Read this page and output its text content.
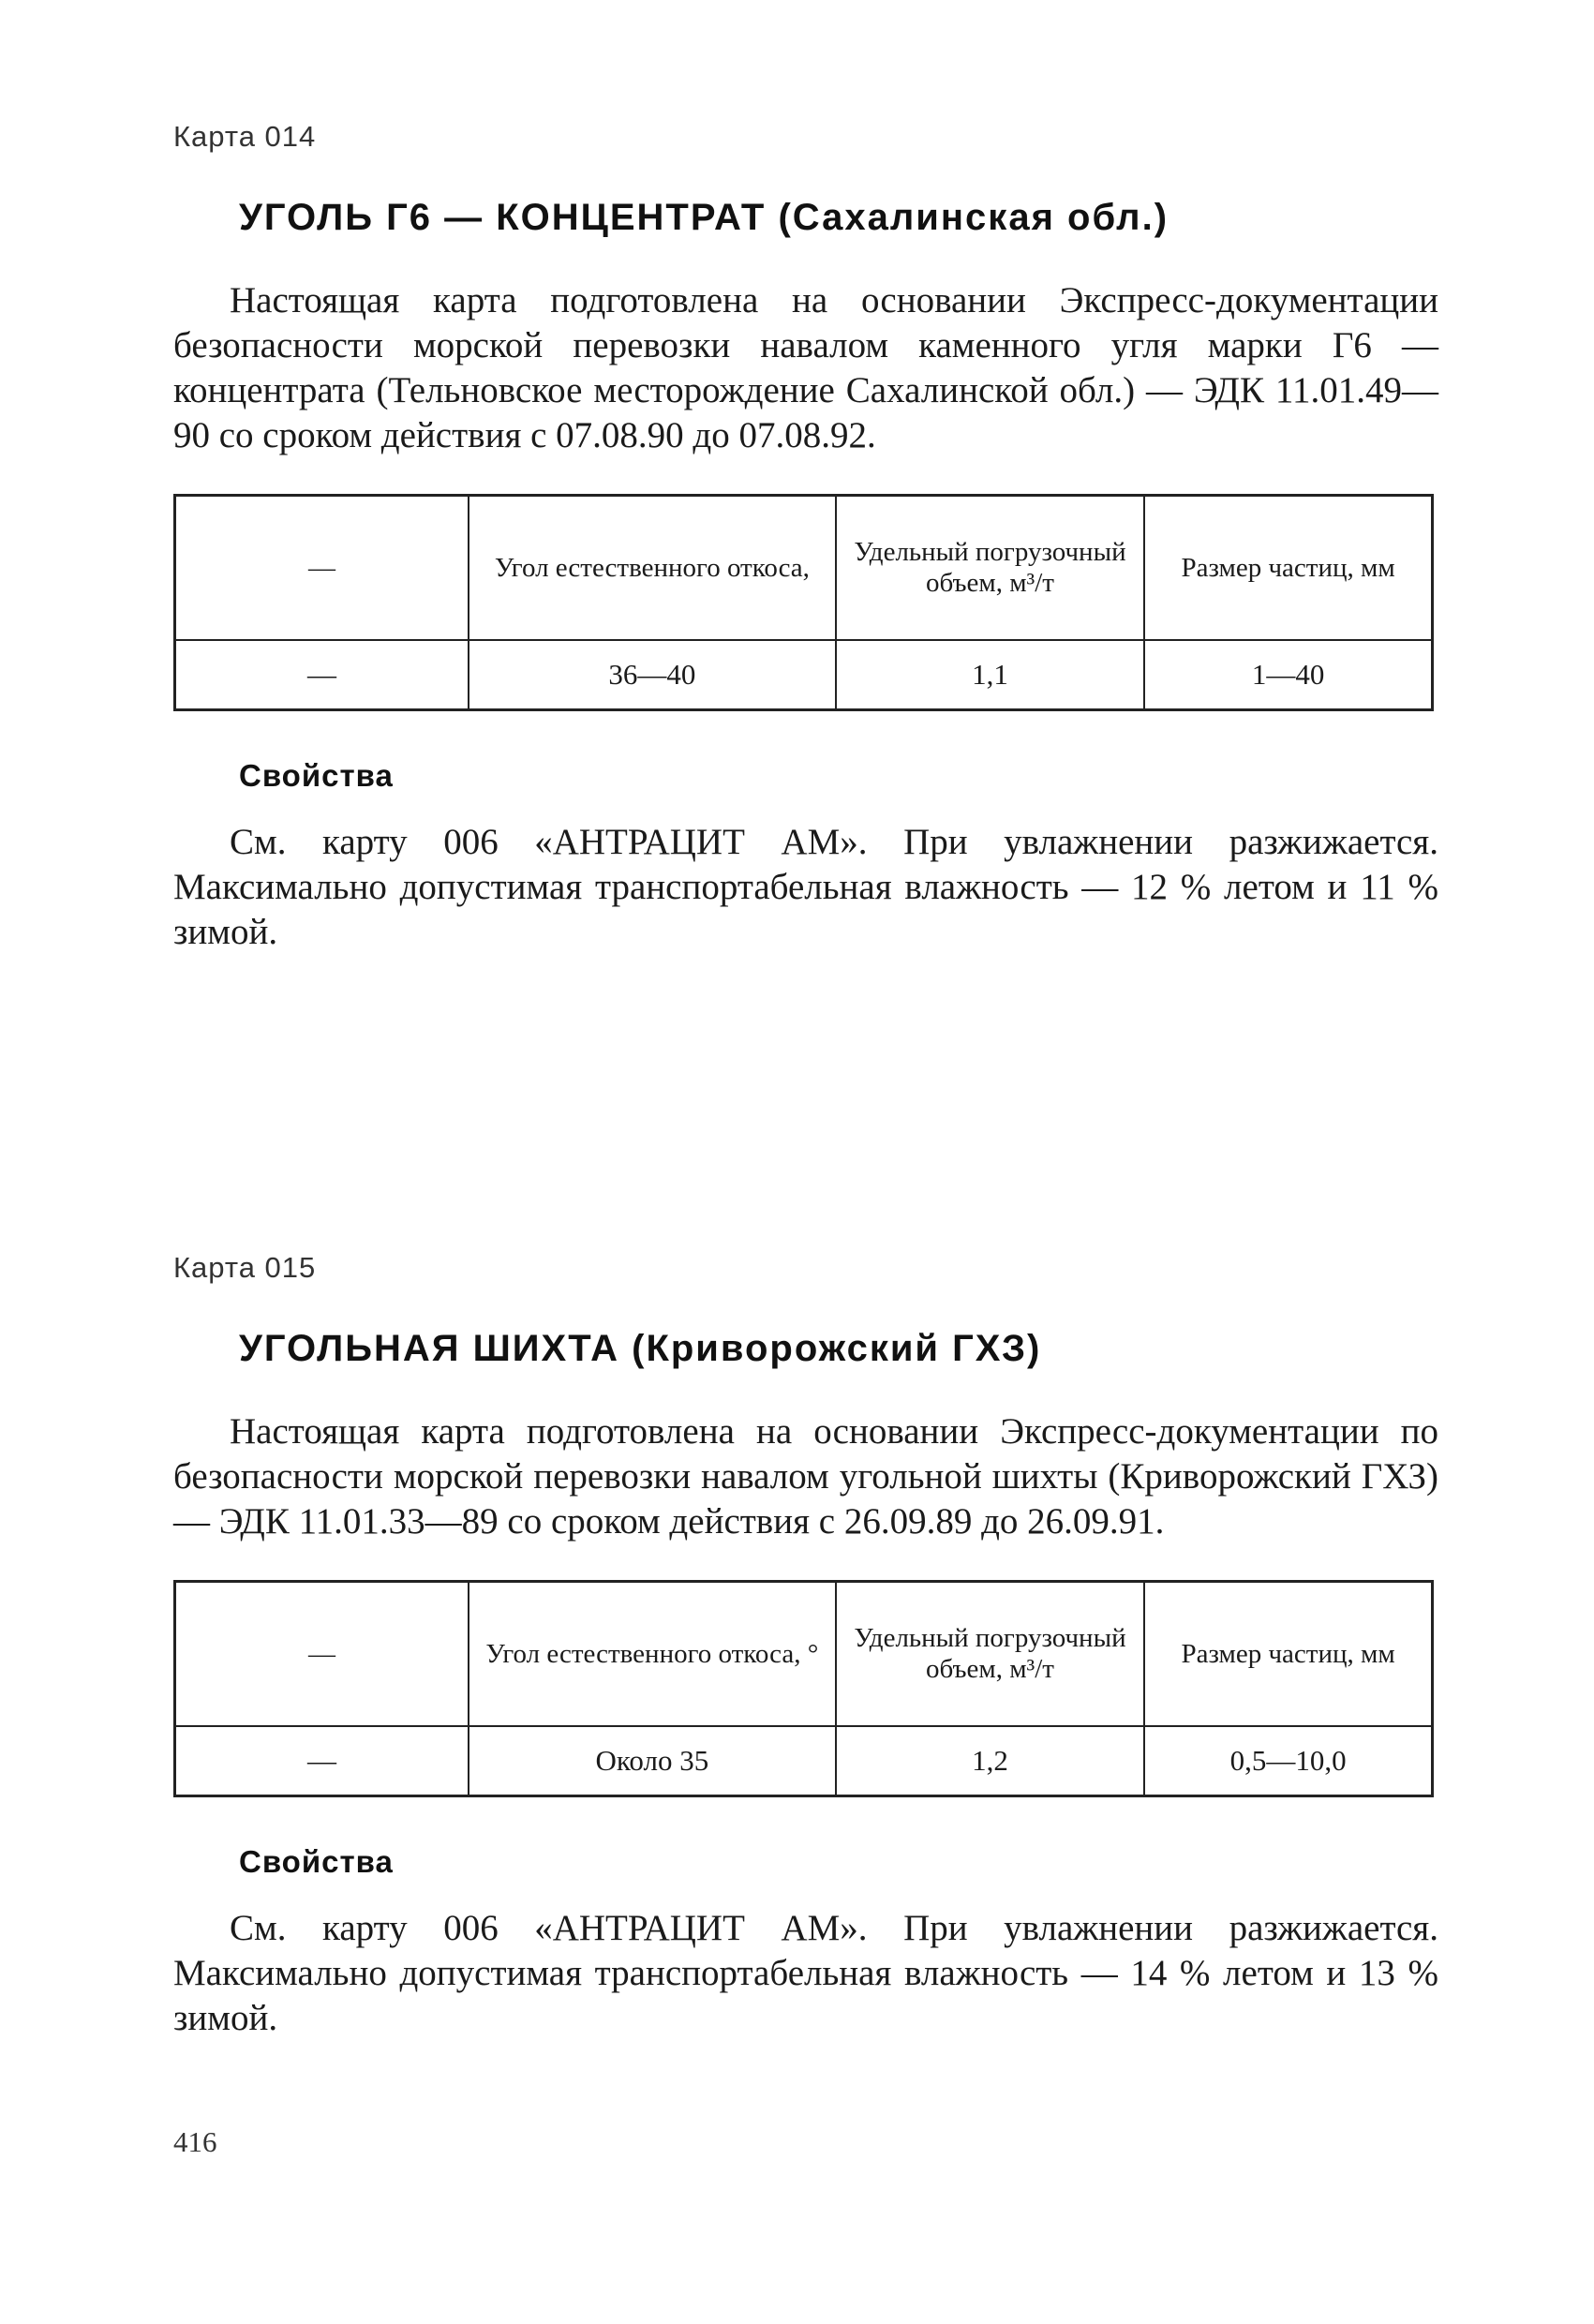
Карта 014
УГОЛЬ Г6 — КОНЦЕНТРАТ (Сахалинская обл.)

Настоящая карта подготовлена на основании Экспресс-документации безопасности морской перевозки навалом каменного угля марки Г6 — концентрата (Тельновское месторождение Сахалинской обл.) — ЭДК 11.01.49—90 со сроком действия с 07.08.90 до 07.08.92.

—	Угол естественного откоса,	Удельный погрузочный объем, м³/т	Размер частиц, мм
—	36—40	1,1	1—40
Свойства

См. карту 006 «АНТРАЦИТ АМ». При увлажнении разжижается. Максимально допустимая транспортабельная влажность — 12 % летом и 11 % зимой.

Карта 015
УГОЛЬНАЯ ШИХТА (Криворожский ГХЗ)

Настоящая карта подготовлена на основании Экспресс-документации по безопасности морской перевозки навалом угольной шихты (Криворожский ГХЗ) — ЭДК 11.01.33—89 со сроком действия с 26.09.89 до 26.09.91.

—	Угол естественного откоса, °	Удельный погрузочный объем, м³/т	Размер частиц, мм
—	Около 35	1,2	0,5—10,0
Свойства

См. карту 006 «АНТРАЦИТ АМ». При увлажнении разжижается. Максимально допустимая транспортабельная влажность — 14 % летом и 13 % зимой.

416
